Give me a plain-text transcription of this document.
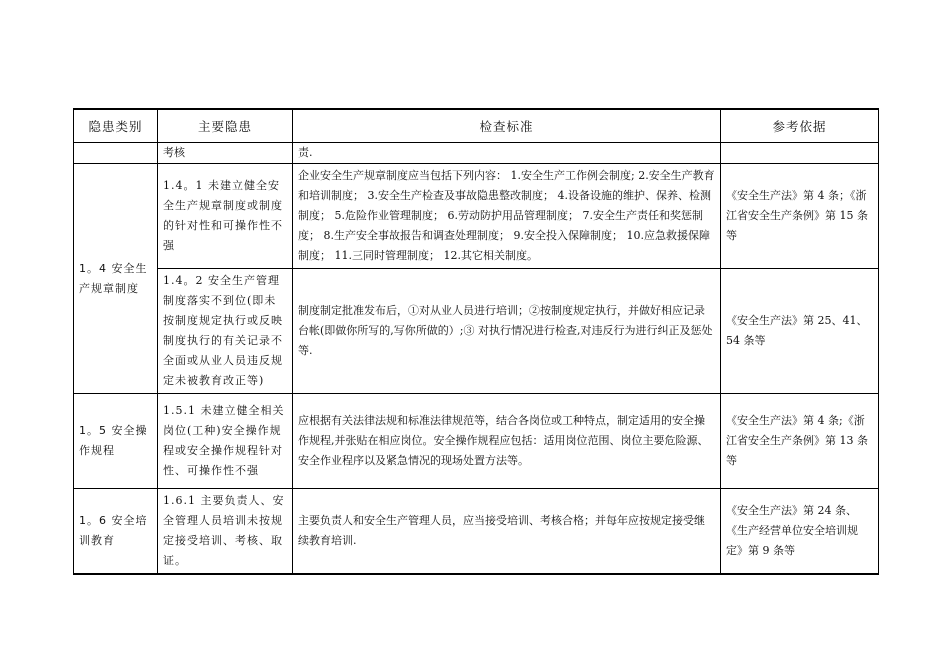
隐患类别	主要隐患	检查标准	参考依据
	考核	责.	
1。4 安全生产规章制度	1.4。1 未建立健全安全生产规章制度或制度的针对性和可操作性不强	企业安全生产规章制度应当包括下列内容： 1.安全生产工作例会制度; 2.安全生产教育和培训制度； 3.安全生产检查及事故隐患整改制度； 4.设备设施的维护、保养、检测制度； 5.危险作业管理制度； 6.劳动防护用品管理制度； 7.安全生产责任和奖惩制度； 8.生产安全事故报告和调查处理制度； 9.安全投入保障制度； 10.应急救援保障制度； 11.三同时管理制度； 12.其它相关制度。	《安全生产法》第 4 条；《浙江省安全生产条例》第 15 条等
	1.4。2 安全生产管理制度落实不到位(即未按制度规定执行或反映制度执行的有关记录不全面或从业人员违反规定未被教育改正等)	制度制定批准发布后，①对从业人员进行培训；②按制度规定执行，并做好相应记录台帐(即做你所写的,写你所做的）;③ 对执行情况进行检查,对违反行为进行纠正及惩处等.	《安全生产法》第 25、41、54 条等
1。5 安全操作规程	1.5.1 未建立健全相关岗位(工种)安全操作规程或安全操作规程针对性、可操作性不强	应根据有关法律法规和标准法律规范等，结合各岗位或工种特点，制定适用的安全操作规程,并张贴在相应岗位。安全操作规程应包括：适用岗位范围、岗位主要危险源、安全作业程序以及紧急情况的现场处置方法等。	《安全生产法》第 4 条;《浙江省安全生产条例》第 13 条等
1。6 安全培训教育	1.6.1 主要负责人、安全管理人员培训未按规定接受培训、考核、取证。	主要负责人和安全生产管理人员，应当接受培训、考核合格；并每年应按规定接受继续教育培训.	《安全生产法》第 24 条、《生产经营单位安全培训规定》第 9 条等
